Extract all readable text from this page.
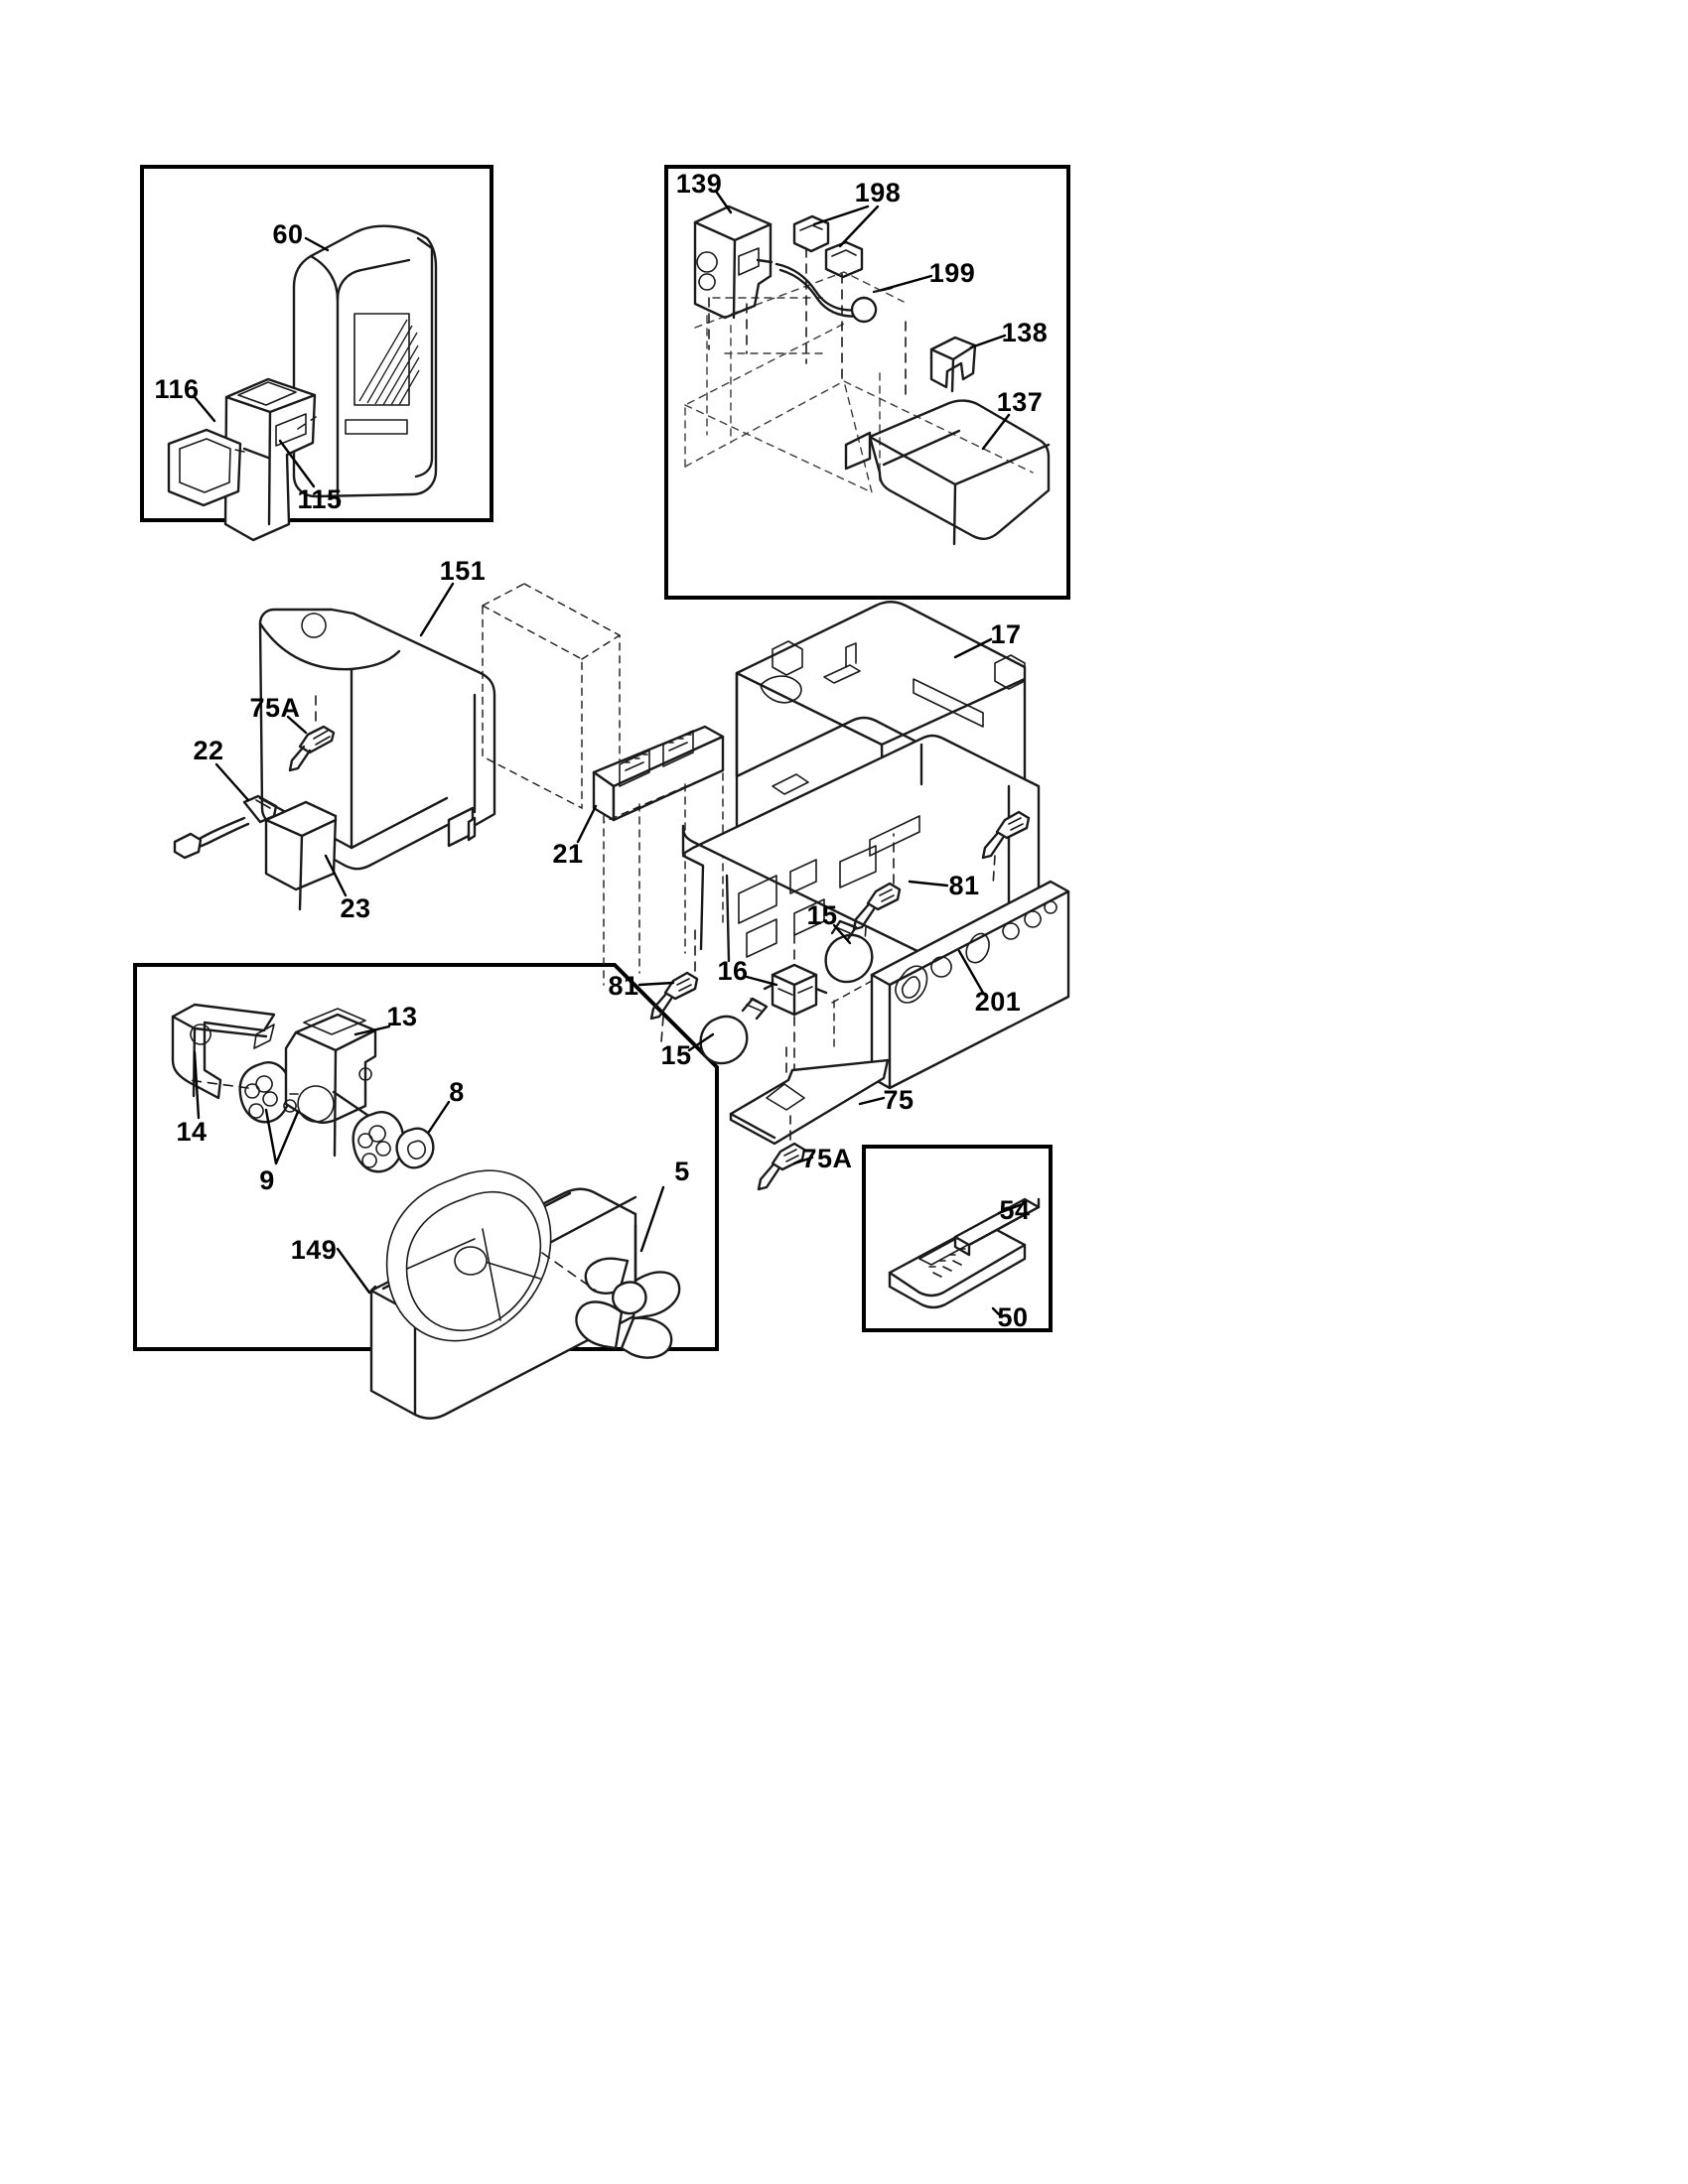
60
116
115
139	198
199
138
137
151
17
75A
22
21
23
81
15
16
81
13	201
15
8	75
14
75A
9	5
54
149
50
